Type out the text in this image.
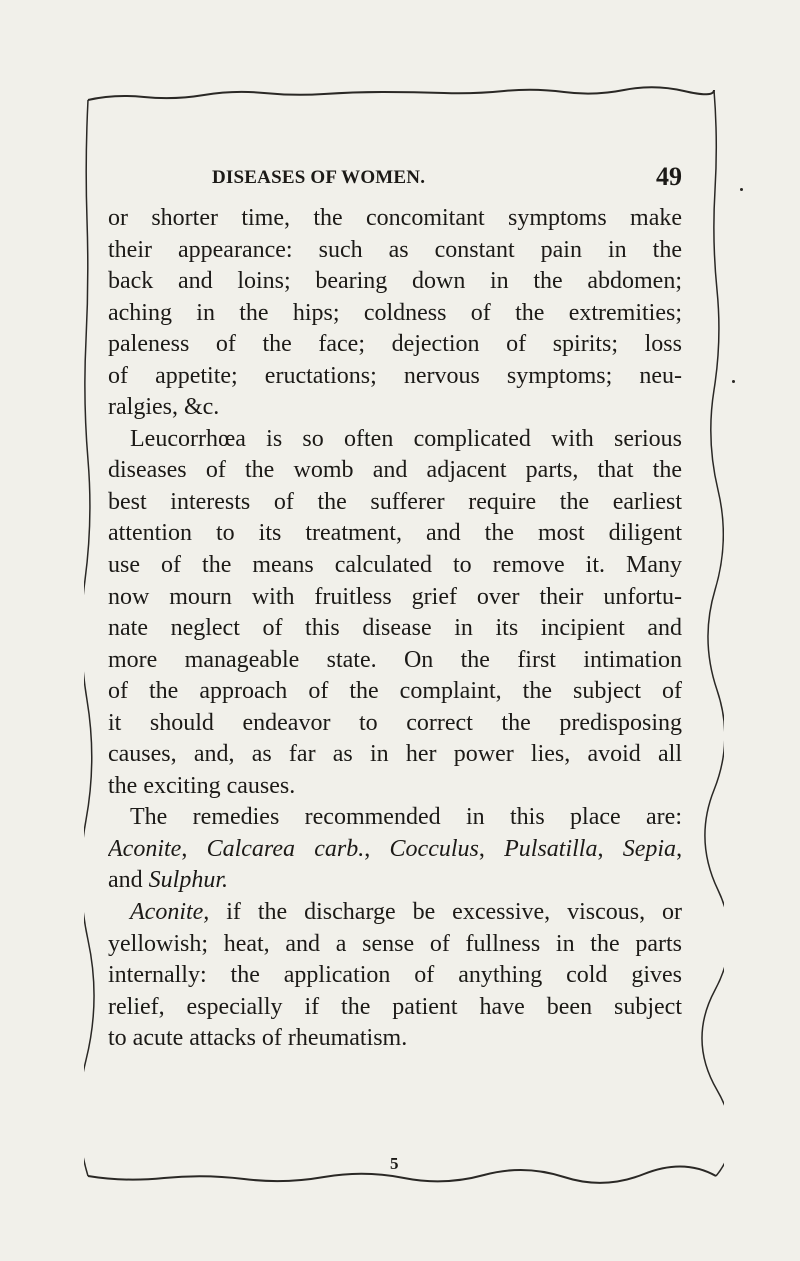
DISEASES OF WOMEN.	49
or shorter time, the concomitant symptoms make
their appearance: such as constant pain in the
back and loins; bearing down in the abdomen;
aching in the hips; coldness of the extremities;
paleness of the face; dejection of spirits; loss
of appetite; eructations; nervous symptoms; neu-
ralgies, &c.
Leucorrhœa is so often complicated with serious
diseases of the womb and adjacent parts, that the
best interests of the sufferer require the earliest
attention to its treatment, and the most diligent
use of the means calculated to remove it. Many
now mourn with fruitless grief over their unfortu-
nate neglect of this disease in its incipient and
more manageable state. On the first intimation
of the approach of the complaint, the subject of
it should endeavor to correct the predisposing
causes, and, as far as in her power lies, avoid all
the exciting causes.
The remedies recommended in this place are:
Aconite, Calcarea carb., Cocculus, Pulsatilla, Sepia,
and Sulphur.
Aconite, if the discharge be excessive, viscous, or
yellowish; heat, and a sense of fullness in the parts
internally: the application of anything cold gives
relief, especially if the patient have been subject
to acute attacks of rheumatism.
5
